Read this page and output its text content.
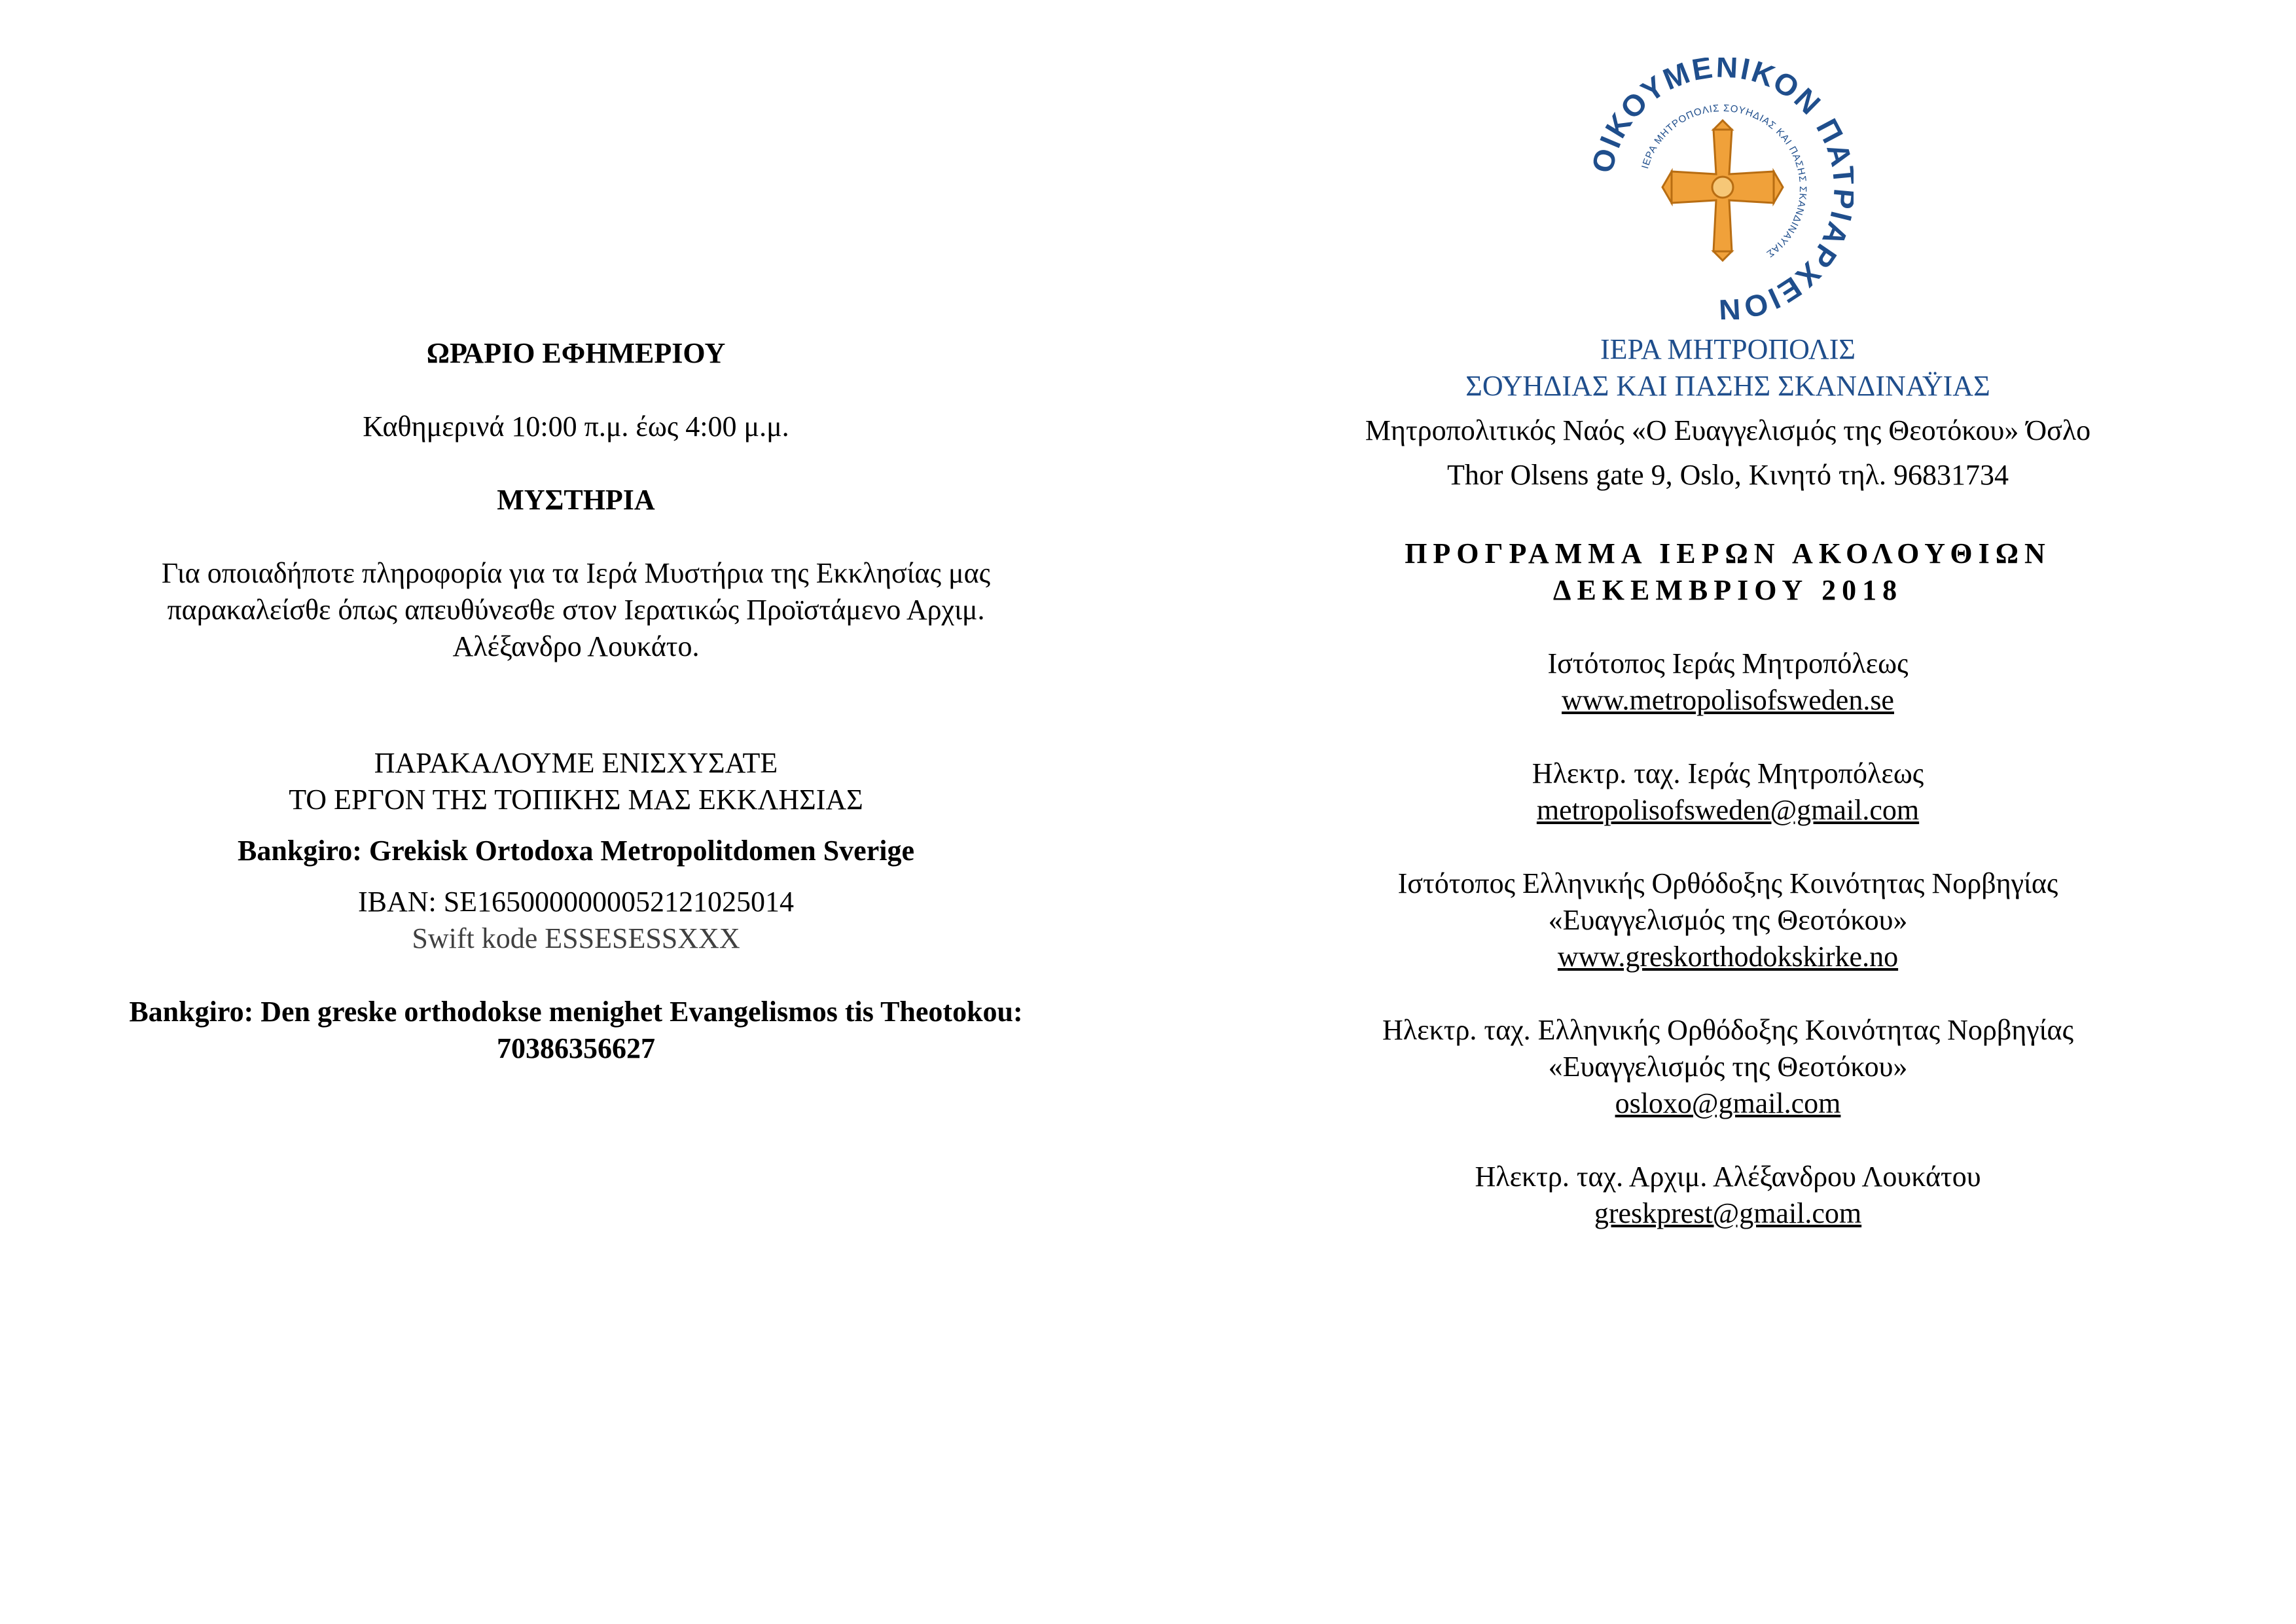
ΩΡΑΡΙΟ ΕΦΗΜΕΡΙΟΥ

Καθημερινά 10:00 π.μ. έως 4:00 μ.μ.

ΜΥΣΤΗΡΙΑ

Για οποιαδήποτε πληροφορία για τα Ιερά Μυστήρια της Εκκλησίας μας

παρακαλείσθε όπως απευθύνεσθε στον Ιερατικώς Προϊστάμενο Αρχιμ.

Αλέξανδρο Λουκάτο.

ΠΑΡΑΚΑΛΟΥΜΕ ΕΝΙΣΧΥΣΑΤΕ

ΤΟ ΕΡΓΟΝ ΤΗΣ ΤΟΠΙΚΗΣ ΜΑΣ ΕΚΚΛΗΣΙΑΣ

Bankgiro: Grekisk Ortodoxa Metropolitdomen Sverige

IBAN: SE1650000000052121025014

Swift kode ESSESESSXXX

Bankgiro: Den greske orthodokse menighet Evangelismos tis Theotokou:

70386356627

ΙΚΟΥΜΕΝΙΚΟΝ Π ΑΡΧΕΙΟΝ
ΙΕΡΑ ΜΗΤΡΟΠΟΛΙΣ ΣΟΥΗΔΙΑΣ ΚΑΙ ΠΑΣΗΣ ΣΚΑΝΔΙΝΑΥΙΑΣ

ΙΕΡΑ ΜΗΤΡΟΠΟΛΙΣ

ΣΟΥΗΔΙΑΣ ΚΑΙ ΠΑΣΗΣ ΣΚΑΝΔΙΝΑΫΙΑΣ

Μητροπολιτικός Ναός «Ο Ευαγγελισμός της Θεοτόκου» Όσλο

Thor Olsens gate 9, Oslo, Κινητό τηλ. 96831734

ΠΡΟΓΡΑΜΜΑ ΙΕΡΩΝ ΑΚΟΛΟΥΘΙΩΝ

ΔΕΚΕΜΒΡΙΟΥ 2018

Ιστότοπος Ιεράς Μητροπόλεως

www.metropolisofsweden.se

Ηλεκτρ. ταχ. Ιεράς Μητροπόλεως

metropolisofsweden@gmail.com

Ιστότοπος Ελληνικής Ορθόδοξης Κοινότητας Νορβηγίας

«Ευαγγελισμός της Θεοτόκου»

www.greskorthodokskirke.no

Ηλεκτρ. ταχ. Ελληνικής Ορθόδοξης Κοινότητας Νορβηγίας

«Ευαγγελισμός της Θεοτόκου»

osloxo@gmail.com

Ηλεκτρ. ταχ. Αρχιμ. Αλέξανδρου Λουκάτου

greskprest@gmail.com
